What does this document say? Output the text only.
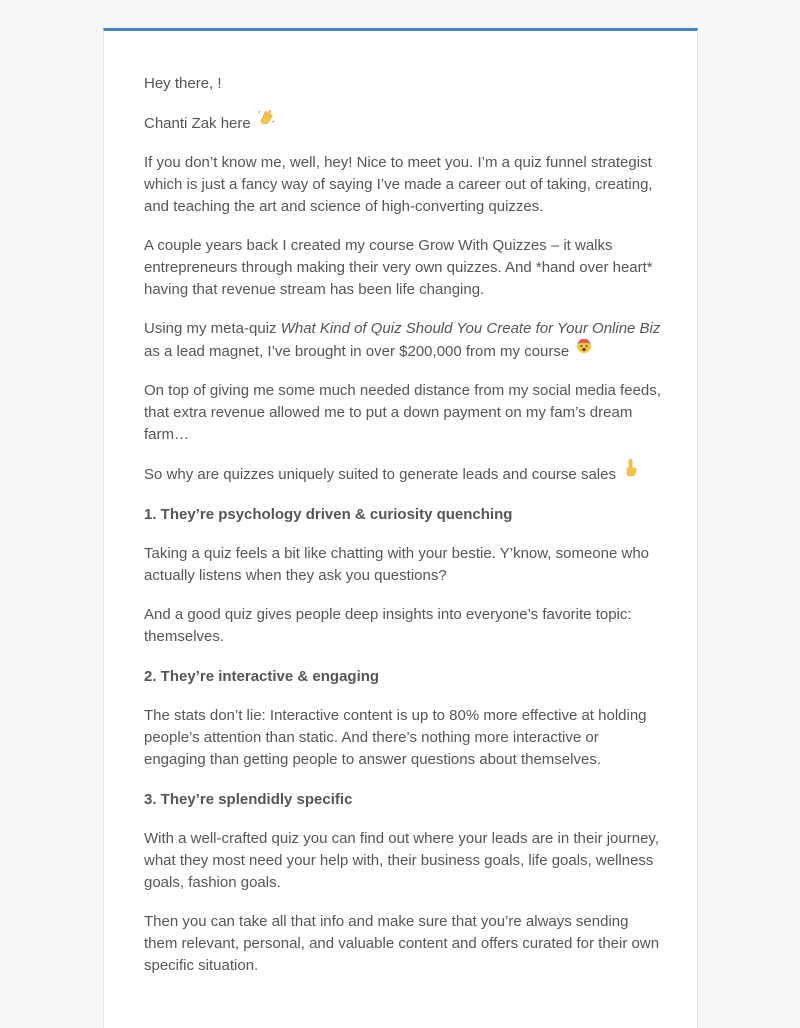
Hey there, !

Chanti Zak here

If you don’t know me, well, hey! Nice to meet you. I’m a quiz funnel strategist which is just a fancy way of saying I’ve made a career out of taking, creating, and teaching the art and science of high-converting quizzes.

A couple years back I created my course Grow With Quizzes – it walks entrepreneurs through making their very own quizzes. And *hand over heart* having that revenue stream has been life changing.

Using my meta-quiz What Kind of Quiz Should You Create for Your Online Biz as a lead magnet, I’ve brought in over $200,000 from my course

On top of giving me some much needed distance from my social media feeds, that extra revenue allowed me to put a down payment on my fam’s dream farm…

So why are quizzes uniquely suited to generate leads and course sales

1. They’re psychology driven & curiosity quenching

Taking a quiz feels a bit like chatting with your bestie. Y’know, someone who actually listens when they ask you questions?

And a good quiz gives people deep insights into everyone’s favorite topic: themselves.

2. They’re interactive & engaging

The stats don’t lie: Interactive content is up to 80% more effective at holding people’s attention than static. And there’s nothing more interactive or engaging than getting people to answer questions about themselves.

3. They’re splendidly specific

With a well-crafted quiz you can find out where your leads are in their journey, what they most need your help with, their business goals, life goals, wellness goals, fashion goals.

Then you can take all that info and make sure that you’re always sending them relevant, personal, and valuable content and offers curated for their own specific situation.
